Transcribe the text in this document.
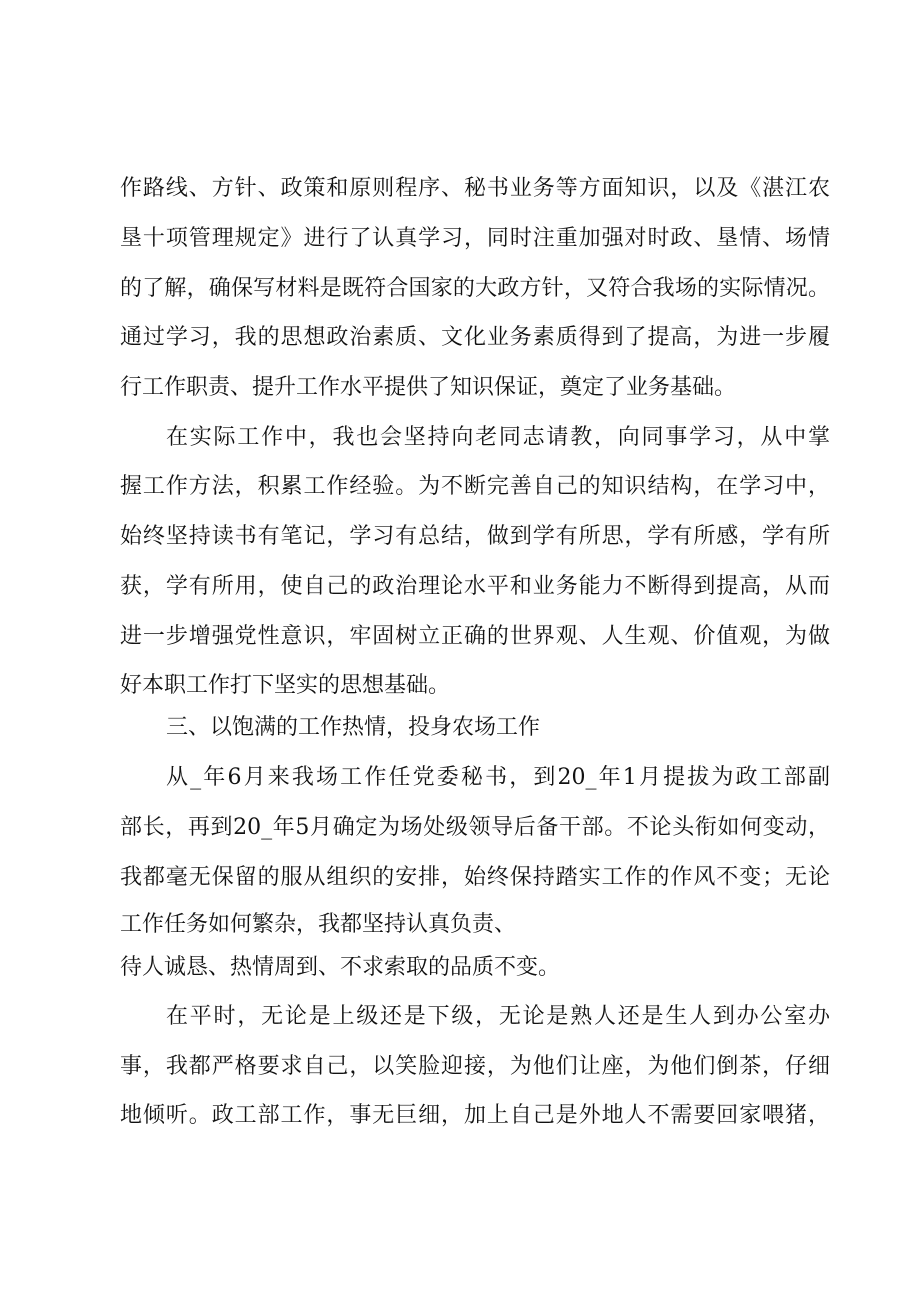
作路线、方针、政策和原则程序、秘书业务等方面知识，以及《湛江农
垦十项管理规定》进行了认真学习，同时注重加强对时政、垦情、场情
的了解，确保写材料是既符合国家的大政方针，又符合我场的实际情况。
通过学习，我的思想政治素质、文化业务素质得到了提高，为进一步履
行工作职责、提升工作水平提供了知识保证，奠定了业务基础。
在实际工作中，我也会坚持向老同志请教，向同事学习，从中掌
握工作方法，积累工作经验。为不断完善自己的知识结构，在学习中，
始终坚持读书有笔记，学习有总结，做到学有所思，学有所感，学有所
获，学有所用，使自己的政治理论水平和业务能力不断得到提高，从而
进一步增强党性意识，牢固树立正确的世界观、人生观、价值观，为做
好本职工作打下坚实的思想基础。
三、以饱满的工作热情，投身农场工作
从_年6月来我场工作任党委秘书，到20_年1月提拔为政工部副
部长，再到20_年5月确定为场处级领导后备干部。不论头衔如何变动，
我都毫无保留的服从组织的安排，始终保持踏实工作的作风不变；无论
工作任务如何繁杂，我都坚持认真负责、
待人诚恳、热情周到、不求索取的品质不变。
在平时，无论是上级还是下级，无论是熟人还是生人到办公室办
事，我都严格要求自己，以笑脸迎接，为他们让座，为他们倒茶，仔细
地倾听。政工部工作，事无巨细，加上自己是外地人不需要回家喂猪，
